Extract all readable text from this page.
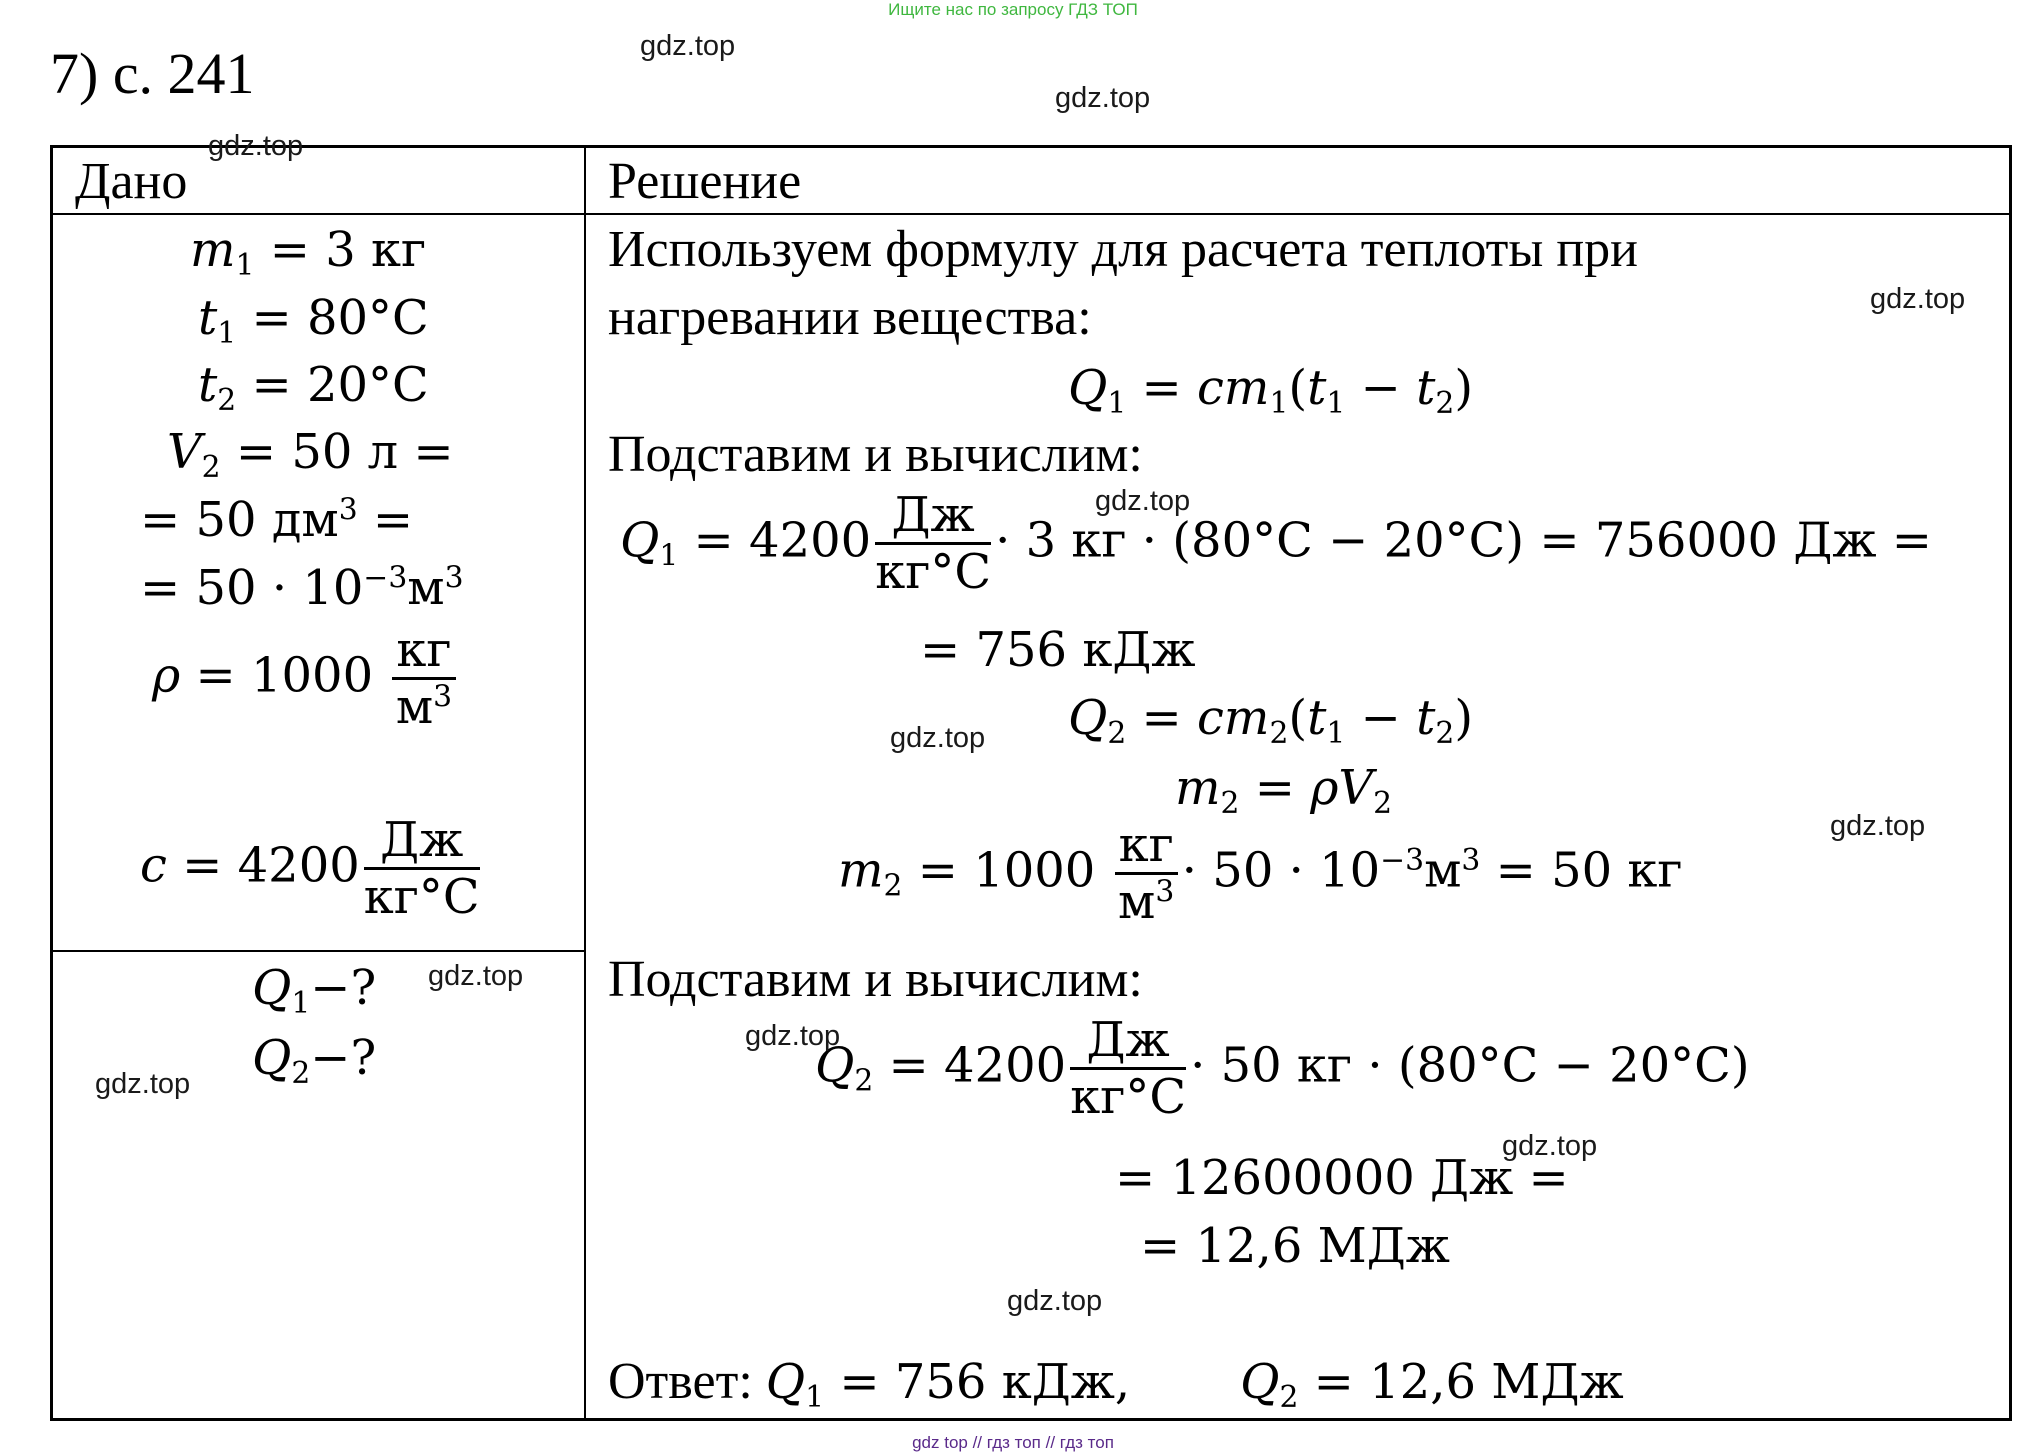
Ищите нас по запросу ГДЗ ТОП
7) с. 241
Дано	Решение
$m_1 = 3$ кг
$t_1 = 80^\circ C$
$t_2 = 20^\circ C$
$V_2 = 50$ л =
= 50 $дм^3$ =
= $50 \cdot 10^{-3}м^3$
$\rho = 1000 \frac{кг}{м^3}$
$c = 4200 \frac{Дж}{кг^\circ C}$
$Q_1-$?
$Q_2-$?
Используем формулу для расчета теплоты при
нагревании вещества:
$Q_1 = cm_1(t_1 - t_2)$
Подставим и вычислим:
$Q_1 = 4200 \frac{Дж}{кг^\circ C} \cdot 3$ кг · (80°C − 20°C) = 756000 Дж =
= 756 кДж
$Q_2 = cm_2(t_1 - t_2)$
$m_2 = \rho V_2$
$m_2 = 1000 \frac{кг}{м^3} \cdot 50 \cdot 10^{-3}м^3 = 50$ кг
Подставим и вычислим:
$Q_2 = 4200 \frac{Дж}{кг^\circ C} \cdot 50$ кг · (80°C − 20°C)
= 12600000 Дж =
= 12,6 МДж
Ответ: $Q_1 = 756$ кДж, $Q_2 = 12,6$ МДж
gdz.top
gdz.top
gdz.top
gdz.top
gdz.top
gdz.top
gdz.top
gdz.top
gdz.top
gdz.top
gdz.top
gdz.top
gdz top // гдз топ // гдз топ
